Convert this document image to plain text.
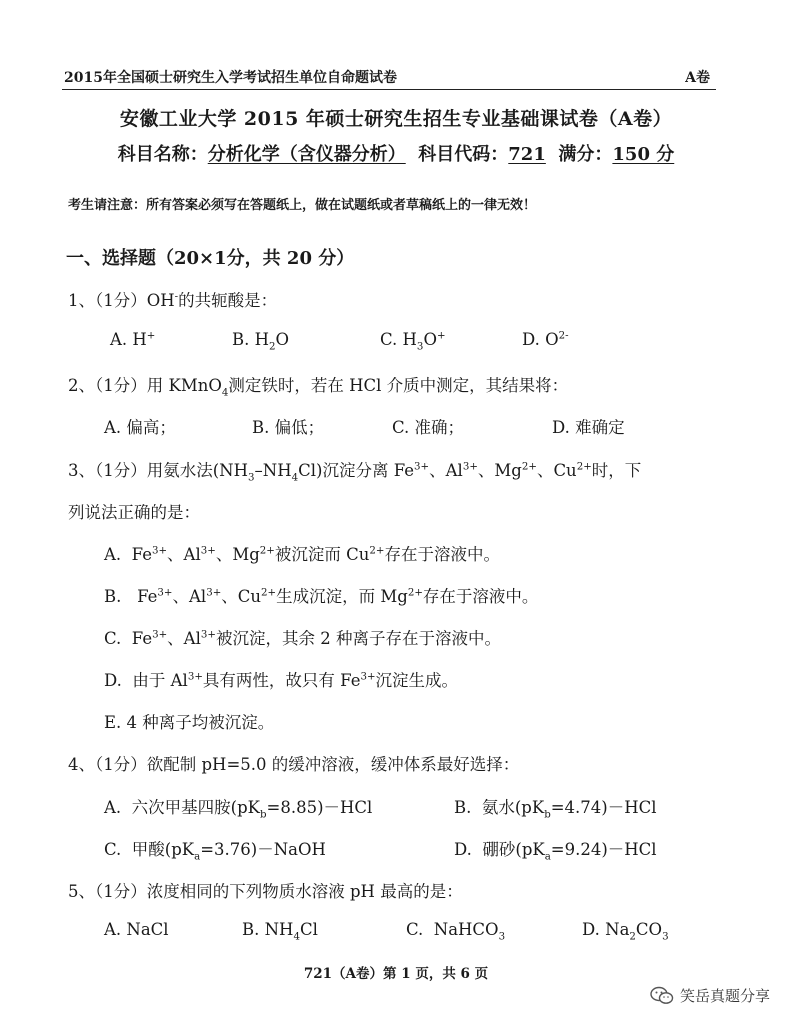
2015年全国硕士研究生入学考试招生单位自命题试卷	A卷
安徽工业大学 2015 年硕士研究生招生专业基础课试卷（A卷）
科目名称：分析化学（含仪器分析） 科目代码：721 满分：150 分
考生请注意：所有答案必须写在答题纸上，做在试题纸或者草稿纸上的一律无效！
一、选择题（20×1分，共 20 分）
1、（1分）OH-的共轭酸是：
A. H+	B. $H_2O$	C. $H_3O^+$	D. $O^{2-}$
2、（1分）用 KMnO$_4$测定铁时，若在 HCl 介质中测定，其结果将：
A. 偏高；	B. 偏低；	C. 准确；	D. 难确定
3、（1分）用氨水法$(NH_3-NH_4Cl)$沉淀分离 $Fe^{3+}$、$Al^{3+}$、$Mg^{2+}$、$Cu^{2+}$时，下
列说法正确的是：
A.  $Fe^{3+}$、$Al^{3+}$、$Mg^{2+}$被沉淀而 $Cu^{2+}$存在于溶液中。
B.   $Fe^{3+}$、$Al^{3+}$、$Cu^{2+}$生成沉淀，而 $Mg^{2+}$存在于溶液中。
C.  $Fe^{3+}$、$Al^{3+}$被沉淀，其余 2 种离子存在于溶液中。
D.  由于 $Al^{3+}$具有两性，故只有 $Fe^{3+}$沉淀生成。
E. 4 种离子均被沉淀。
4、（1分）欲配制 pH=5.0 的缓冲溶液，缓冲体系最好选择：
A.  六次甲基四胺$(pK_b=8.85)-HCl$	B.  氨水$(pK_b=4.74)-HCl$
C.  甲酸$(pK_a=3.76)-NaOH$	D.  硼砂$(pK_a=9.24)-HCl$
5、（1分）浓度相同的下列物质水溶液 pH 最高的是：
A. NaCl	B. $NH_4Cl$	C.  NaHCO$_3$	D. $Na_2CO_3$
721（A卷）第 1 页，共 6 页
笑岳真题分享
